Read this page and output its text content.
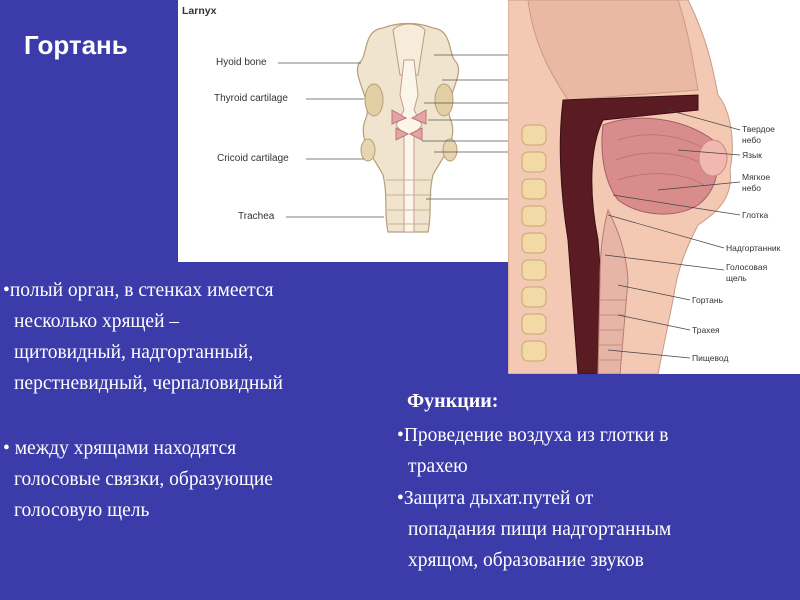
Гортань
Larnyx
Hyoid bone
Thyroid cartilage
Cricoid cartilage
Trachea
Твердое
небо
Язык
Мягкое
небо
Глотка
Надгортанник
Голосовая
щель
Гортань
Трахея
Пищевод

•полый орган, в стенках имеется

несколько хрящей –

щитовидный, надгортанный,

перстневидный, черпаловидный

• между хрящами находятся

голосовые связки, образующие

голосовую щель

Функции:

•Проведение воздуха из глотки в

трахею

•Защита дыхат.путей от

попадания пищи надгортанным

хрящом, образование звуков
